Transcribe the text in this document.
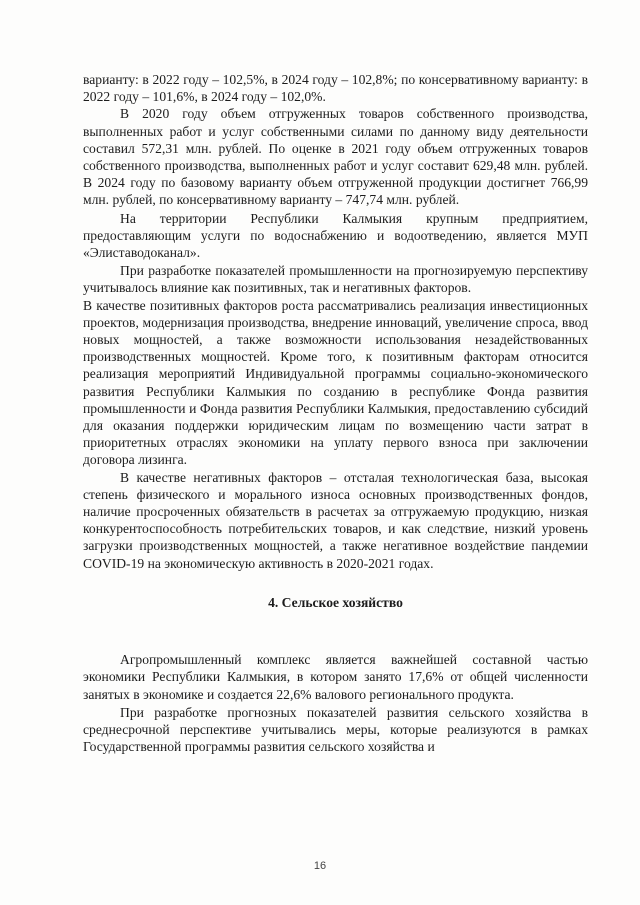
варианту: в 2022 году – 102,5%, в 2024 году – 102,8%; по консервативному варианту: в 2022 году – 101,6%, в 2024 году – 102,0%.

В 2020 году объем отгруженных товаров собственного производства, выполненных работ и услуг собственными силами по данному виду деятельности составил 572,31 млн. рублей. По оценке в 2021 году объем отгруженных товаров собственного производства, выполненных работ и услуг составит 629,48 млн. рублей. В 2024 году по базовому варианту объем отгруженной продукции достигнет 766,99 млн. рублей, по консервативному варианту – 747,74 млн. рублей.

На территории Республики Калмыкия крупным предприятием, предоставляющим услуги по водоснабжению и водоотведению, является МУП «Элиставодоканал».

При разработке показателей промышленности на прогнозируемую перспективу учитывалось влияние как позитивных, так и негативных факторов.

В качестве позитивных факторов роста рассматривались реализация инвестиционных проектов, модернизация производства, внедрение инноваций, увеличение спроса, ввод новых мощностей, а также возможности использования незадействованных производственных мощностей. Кроме того, к позитивным факторам относится реализация мероприятий Индивидуальной программы социально-экономического развития Республики Калмыкия по созданию в республике Фонда развития промышленности и Фонда развития Республики Калмыкия, предоставлению субсидий для оказания поддержки юридическим лицам по возмещению части затрат в приоритетных отраслях экономики на уплату первого взноса при заключении договора лизинга.

В качестве негативных факторов – отсталая технологическая база, высокая степень физического и морального износа основных производственных фондов, наличие просроченных обязательств в расчетах за отгружаемую продукцию, низкая конкурентоспособность потребительских товаров, и как следствие, низкий уровень загрузки производственных мощностей, а также негативное воздействие пандемии COVID-19 на экономическую активность в 2020-2021 годах.

4. Сельское хозяйство

Агропромышленный комплекс является важнейшей составной частью экономики Республики Калмыкия, в котором занято 17,6% от общей численности занятых в экономике и создается 22,6% валового регионального продукта.

При разработке прогнозных показателей развития сельского хозяйства в среднесрочной перспективе учитывались меры, которые реализуются в рамках Государственной программы развития сельского хозяйства и

16
